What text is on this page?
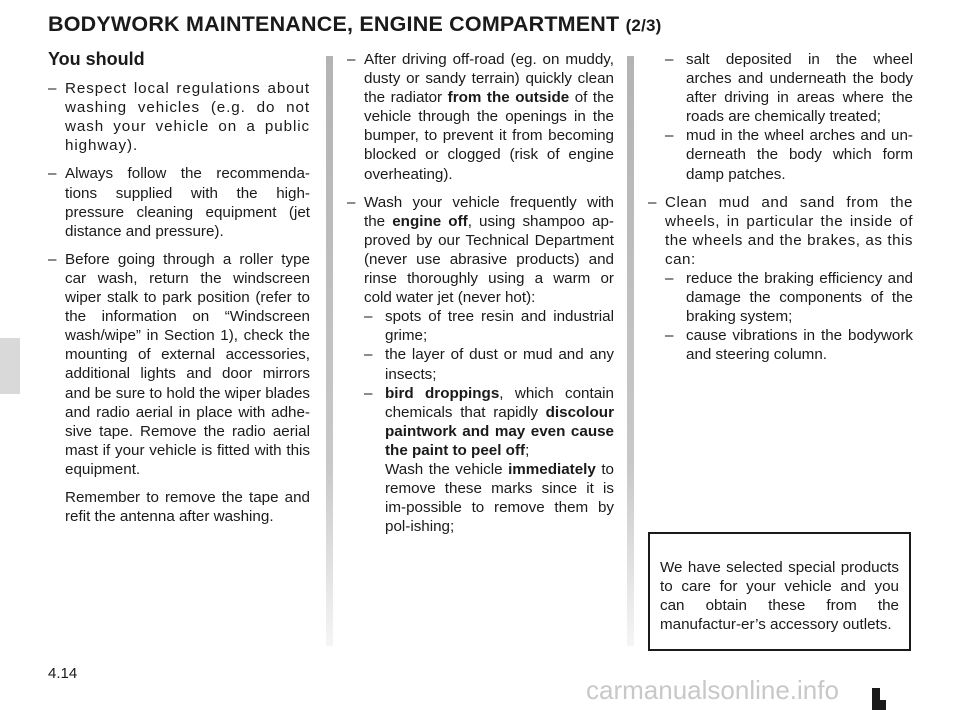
BODYWORK MAINTENANCE, ENGINE COMPARTMENT (2/3)
You should
– Respect local regulations about washing vehicles (e.g. do not wash your vehicle on a public highway).
– Always follow the recommenda-tions supplied with the high-pressure cleaning equipment (jet distance and pressure).
– Before going through a roller type car wash, return the windscreen wiper stalk to park position (refer to the information on “Windscreen wash/wipe” in Section 1), check the mounting of external accessories, additional lights and door mirrors and be sure to hold the wiper blades and radio aerial in place with adhe-sive tape. Remove the radio aerial mast if your vehicle is fitted with this equipment.

Remember to remove the tape and refit the antenna after washing.

– After driving off-road (eg. on muddy, dusty or sandy terrain) quickly clean the radiator from the outside of the vehicle through the openings in the bumper, to prevent it from becoming blocked or clogged (risk of engine overheating).
– Wash your vehicle frequently with the engine off, using shampoo ap-proved by our Technical Department (never use abrasive products) and rinse thoroughly using a warm or cold water jet (never hot):
– spots of tree resin and industrial grime;
– the layer of dust or mud and any insects;
– bird droppings, which contain chemicals that rapidly discolour paintwork and may even cause the paint to peel off;
Wash the vehicle immediately to remove these marks since it is im-possible to remove them by pol-ishing;
– salt deposited in the wheel arches and underneath the body after driving in areas where the roads are chemically treated;
– mud in the wheel arches and un-derneath the body which form damp patches.
– Clean mud and sand from the wheels, in particular the inside of the wheels and the brakes, as this can:
– reduce the braking efficiency and damage the components of the braking system;
– cause vibrations in the bodywork and steering column.
We have selected special products to care for your vehicle and you can obtain these from the manufactur-er’s accessory outlets.
4.14
carmanualsonline.info
